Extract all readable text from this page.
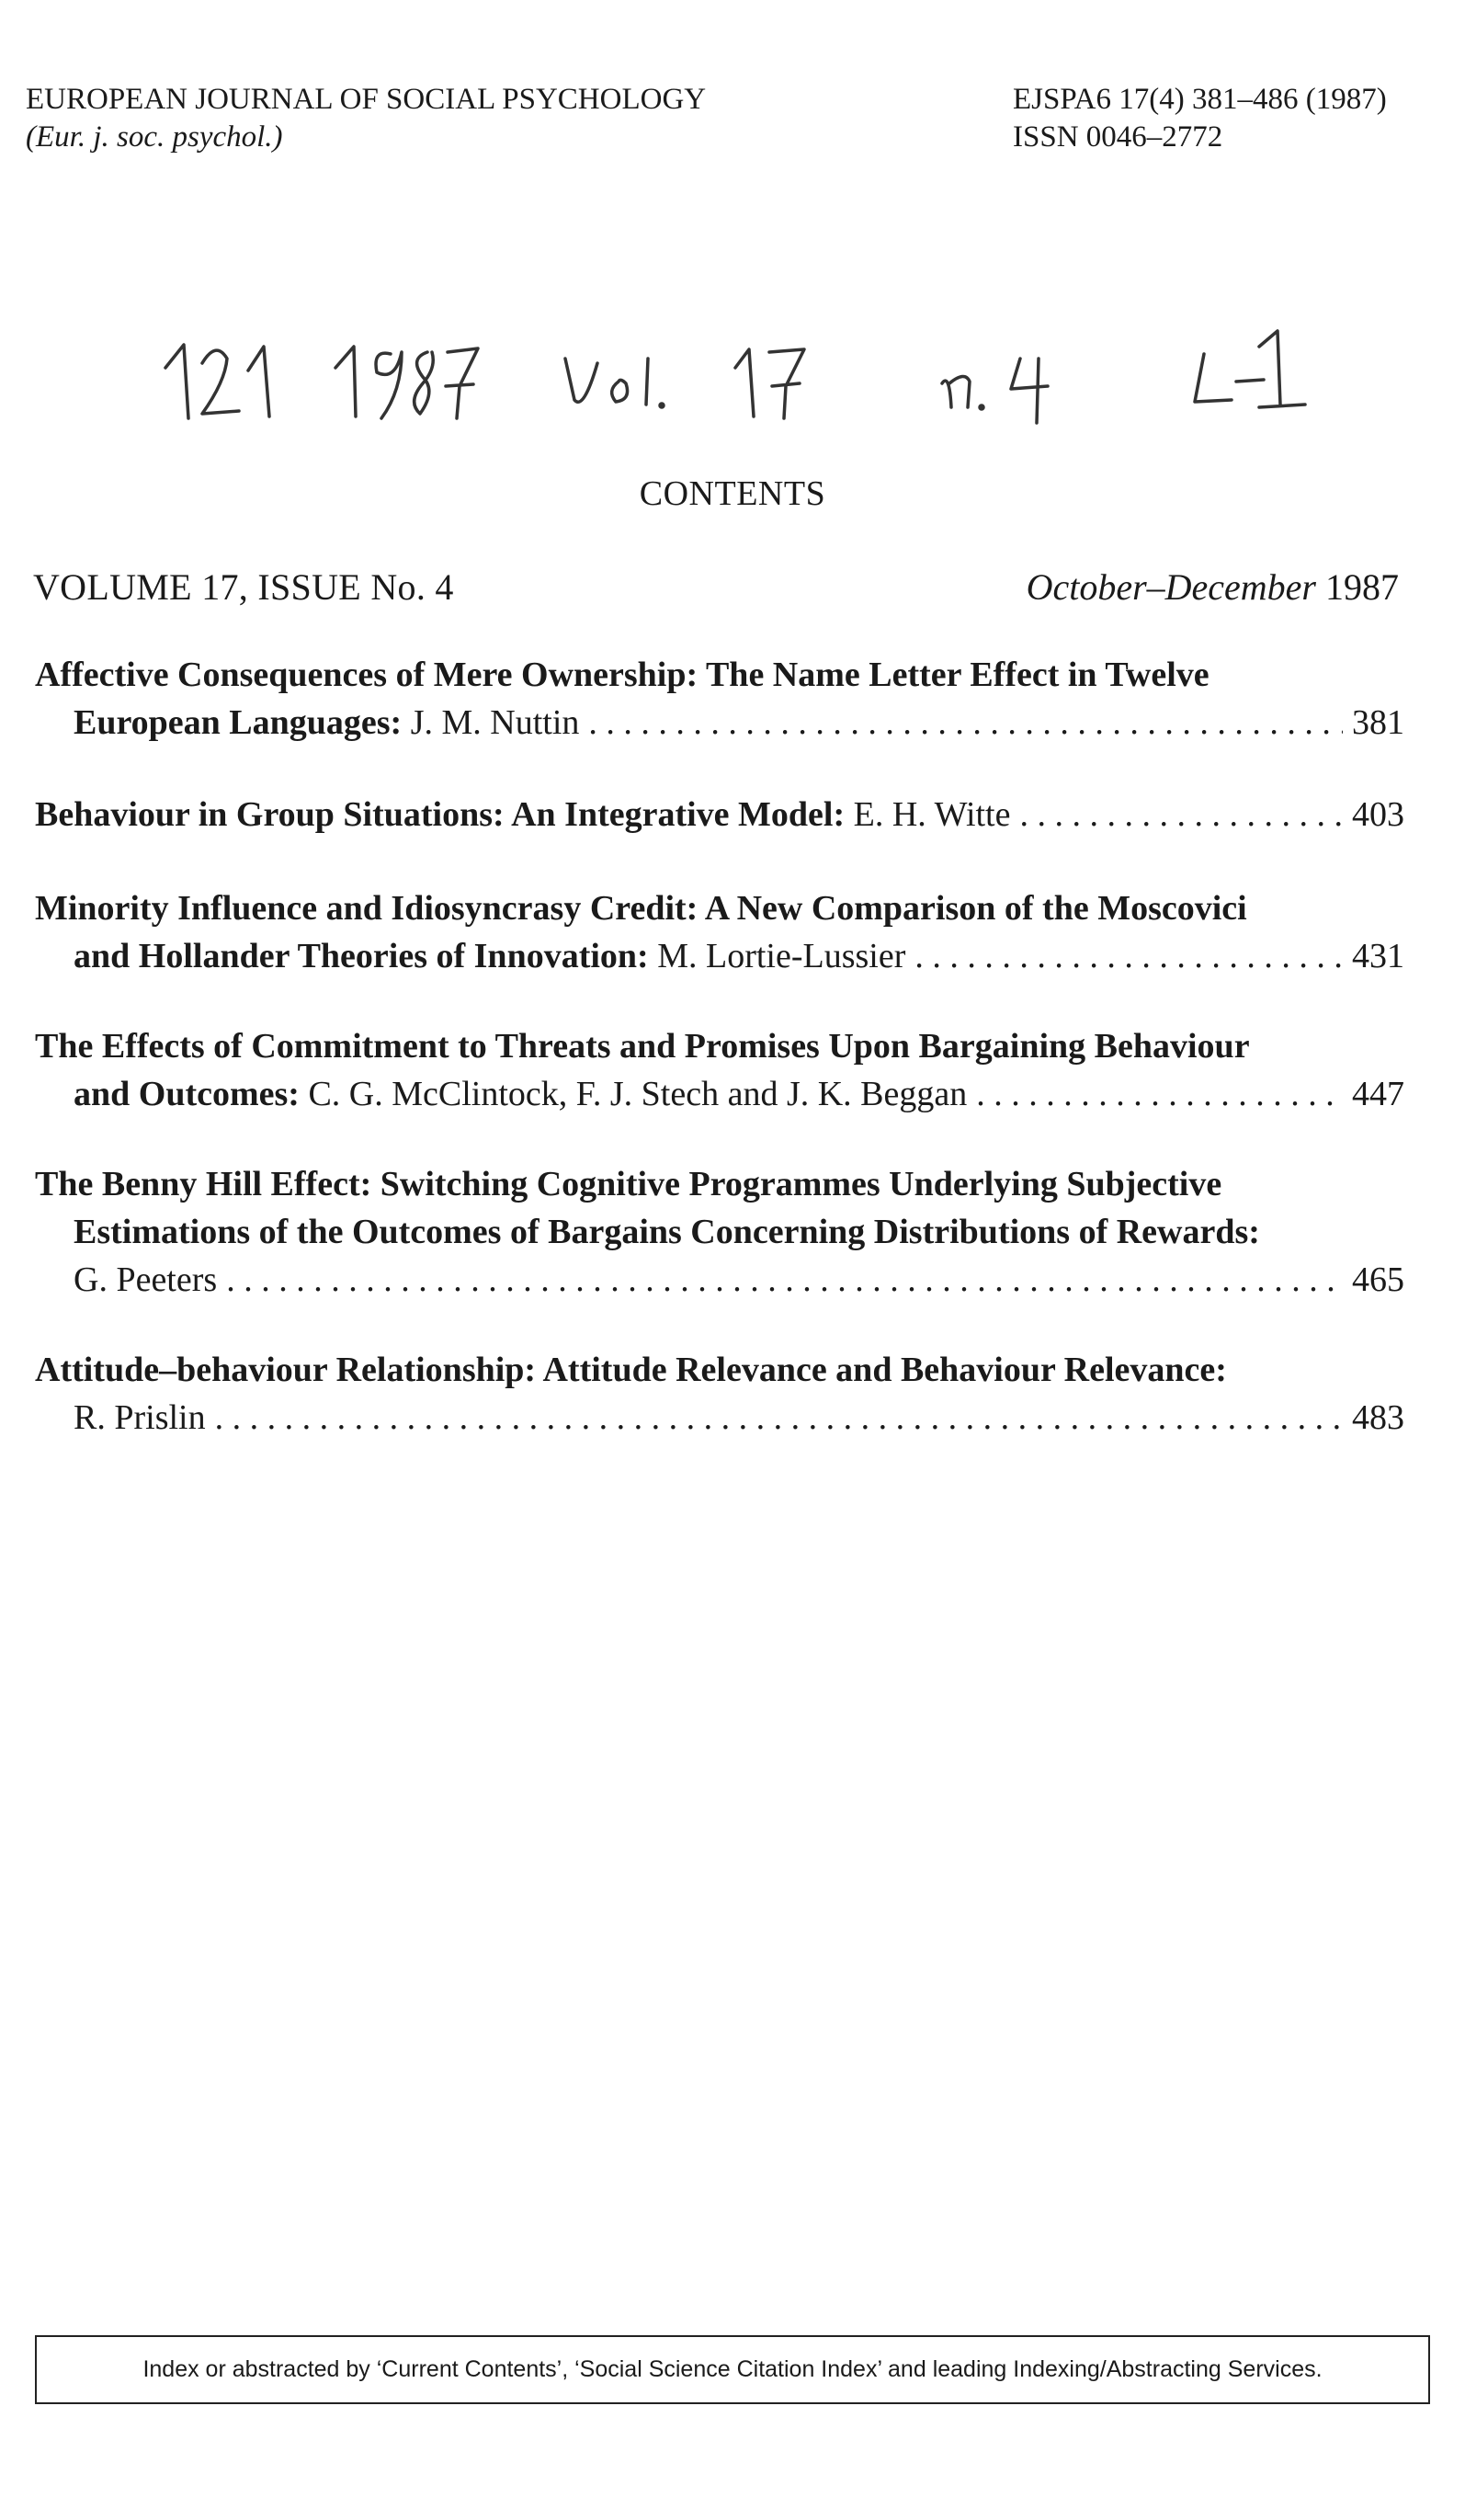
EUROPEAN JOURNAL OF SOCIAL PSYCHOLOGY
(Eur. j. soc. psychol.)
EJSPA6 17(4) 381–486 (1987)
ISSN 0046–2772
CONTENTS
VOLUME 17, ISSUE No. 4	October–December 1987
Affective Consequences of Mere Ownership: The Name Letter Effect in Twelve
European Languages:
J. M. Nuttin . . .	381
Behaviour in Group Situations: An Integrative Model:
E. H. Witte . . .	403
Minority Influence and Idiosyncrasy Credit: A New Comparison of the Moscovici
and Hollander Theories of Innovation:
M. Lortie-Lussier . . .	431
The Effects of Commitment to Threats and Promises Upon Bargaining Behaviour
and Outcomes:
C. G. McClintock, F. J. Stech and J. K. Beggan . . .	447
The Benny Hill Effect: Switching Cognitive Programmes Underlying Subjective
Estimations of the Outcomes of Bargains Concerning Distributions of Rewards:
G. Peeters . . .	465
Attitude–behaviour Relationship: Attitude Relevance and Behaviour Relevance:
R. Prislin . . .	483
Index or abstracted by ‘Current Contents’, ‘Social Science Citation Index’ and leading Indexing/Abstracting Services.
